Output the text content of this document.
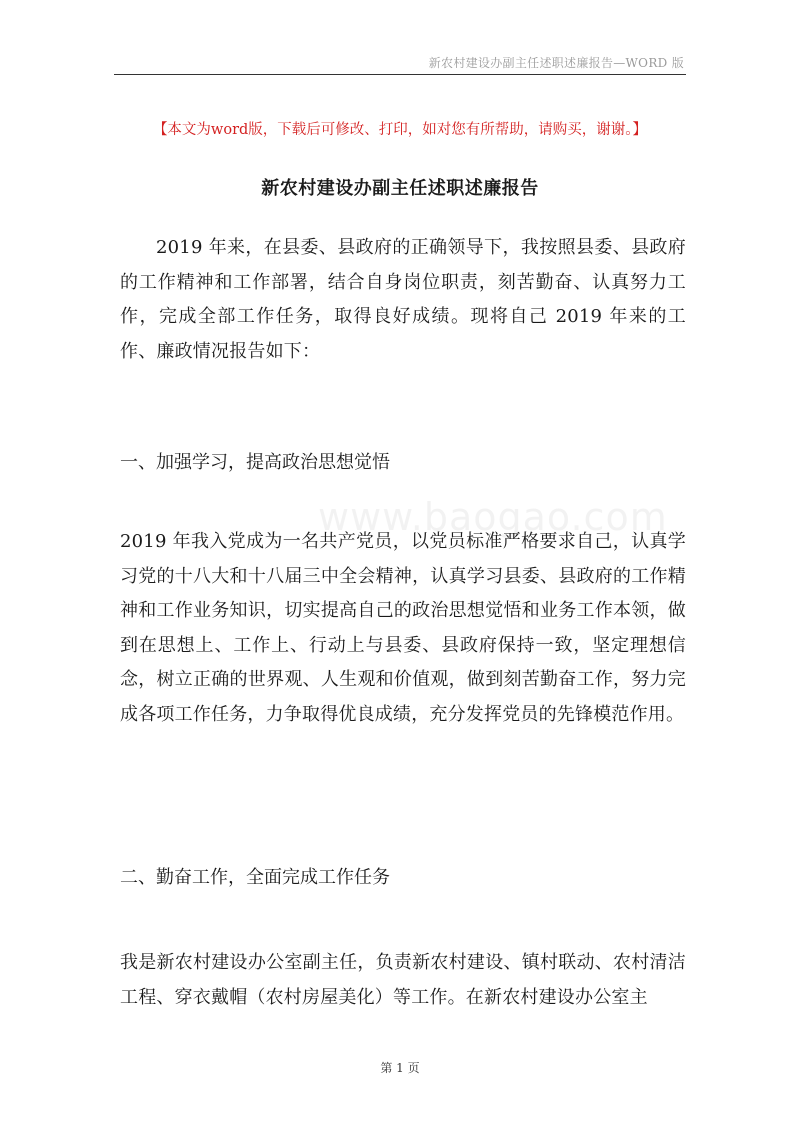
新农村建设办副主任述职述廉报告—WORD 版
【本文为word版，下载后可修改、打印，如对您有所帮助，请购买，谢谢。】
新农村建设办副主任述职述廉报告

2019 年来，在县委、县政府的正确领导下，我按照县委、县政府的工作精神和工作部署，结合自身岗位职责，刻苦勤奋、认真努力工作，完成全部工作任务，取得良好成绩。现将自己 2019 年来的工作、廉政情况报告如下：

一、加强学习，提高政治思想觉悟

www.baogao.com

2019 年我入党成为一名共产党员，以党员标准严格要求自己，认真学习党的十八大和十八届三中全会精神，认真学习县委、县政府的工作精神和工作业务知识，切实提高自己的政治思想觉悟和业务工作本领，做到在思想上、工作上、行动上与县委、县政府保持一致，坚定理想信念，树立正确的世界观、人生观和价值观，做到刻苦勤奋工作，努力完成各项工作任务，力争取得优良成绩，充分发挥党员的先锋模范作用。

二、勤奋工作，全面完成工作任务

我是新农村建设办公室副主任，负责新农村建设、镇村联动、农村清洁工程、穿衣戴帽（农村房屋美化）等工作。在新农村建设办公室主

第 1 页
